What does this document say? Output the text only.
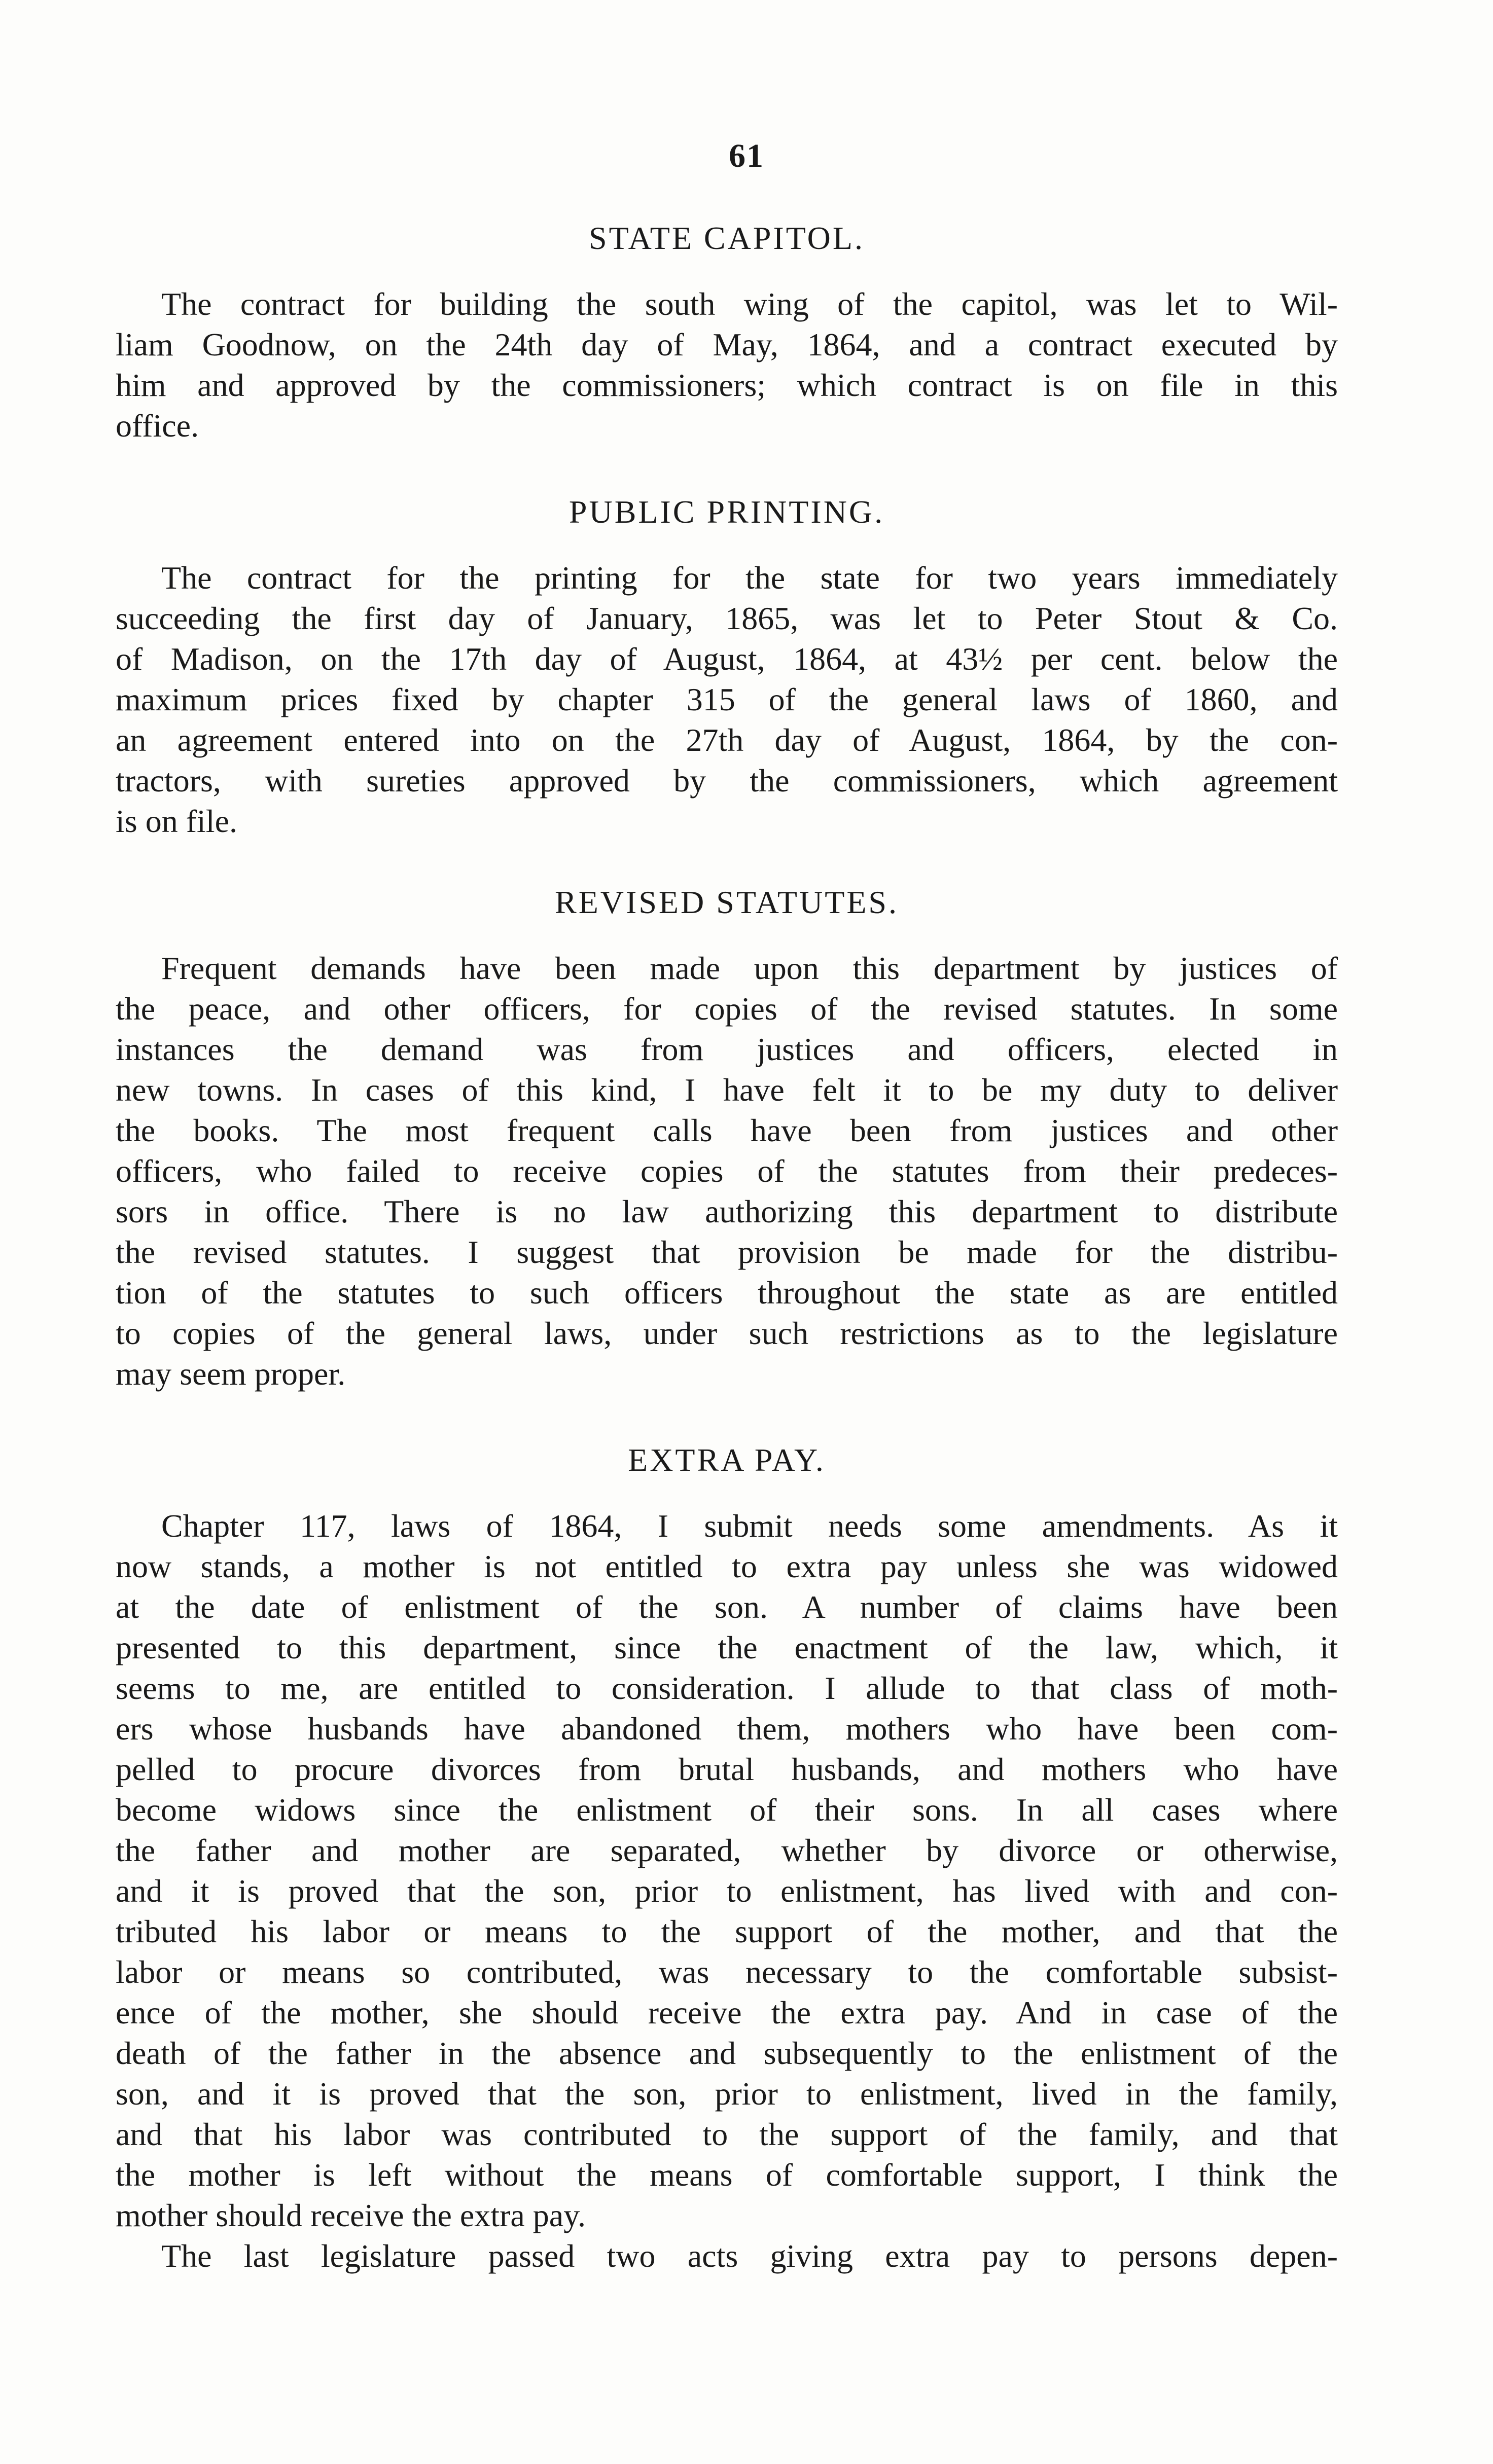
61
STATE CAPITOL.

The contract for building the south wing of the capitol, was let to Wil-
liam Goodnow, on the 24th day of May, 1864, and a contract executed by
him and approved by the commissioners; which contract is on file in this
office.

PUBLIC PRINTING.

The contract for the printing for the state for two years immediately
succeeding the first day of January, 1865, was let to Peter Stout & Co.
of Madison, on the 17th day of August, 1864, at 43½ per cent. below the
maximum prices fixed by chapter 315 of the general laws of 1860, and
an agreement entered into on the 27th day of August, 1864, by the con-
tractors, with sureties approved by the commissioners, which agreement
is on file.

REVISED STATUTES.

Frequent demands have been made upon this department by justices of
the peace, and other officers, for copies of the revised statutes. In some
instances the demand was from justices and officers, elected in
new towns. In cases of this kind, I have felt it to be my duty to deliver
the books. The most frequent calls have been from justices and other
officers, who failed to receive copies of the statutes from their predeces-
sors in office. There is no law authorizing this department to distribute
the revised statutes. I suggest that provision be made for the distribu-
tion of the statutes to such officers throughout the state as are entitled
to copies of the general laws, under such restrictions as to the legislature
may seem proper.

EXTRA PAY.

Chapter 117, laws of 1864, I submit needs some amendments. As it
now stands, a mother is not entitled to extra pay unless she was widowed
at the date of enlistment of the son. A number of claims have been
presented to this department, since the enactment of the law, which, it
seems to me, are entitled to consideration. I allude to that class of moth-
ers whose husbands have abandoned them, mothers who have been com-
pelled to procure divorces from brutal husbands, and mothers who have
become widows since the enlistment of their sons. In all cases where
the father and mother are separated, whether by divorce or otherwise,
and it is proved that the son, prior to enlistment, has lived with and con-
tributed his labor or means to the support of the mother, and that the
labor or means so contributed, was necessary to the comfortable subsist-
ence of the mother, she should receive the extra pay. And in case of the
death of the father in the absence and subsequently to the enlistment of the
son, and it is proved that the son, prior to enlistment, lived in the family,
and that his labor was contributed to the support of the family, and that
the mother is left without the means of comfortable support, I think the
mother should receive the extra pay.

The last legislature passed two acts giving extra pay to persons depen-
